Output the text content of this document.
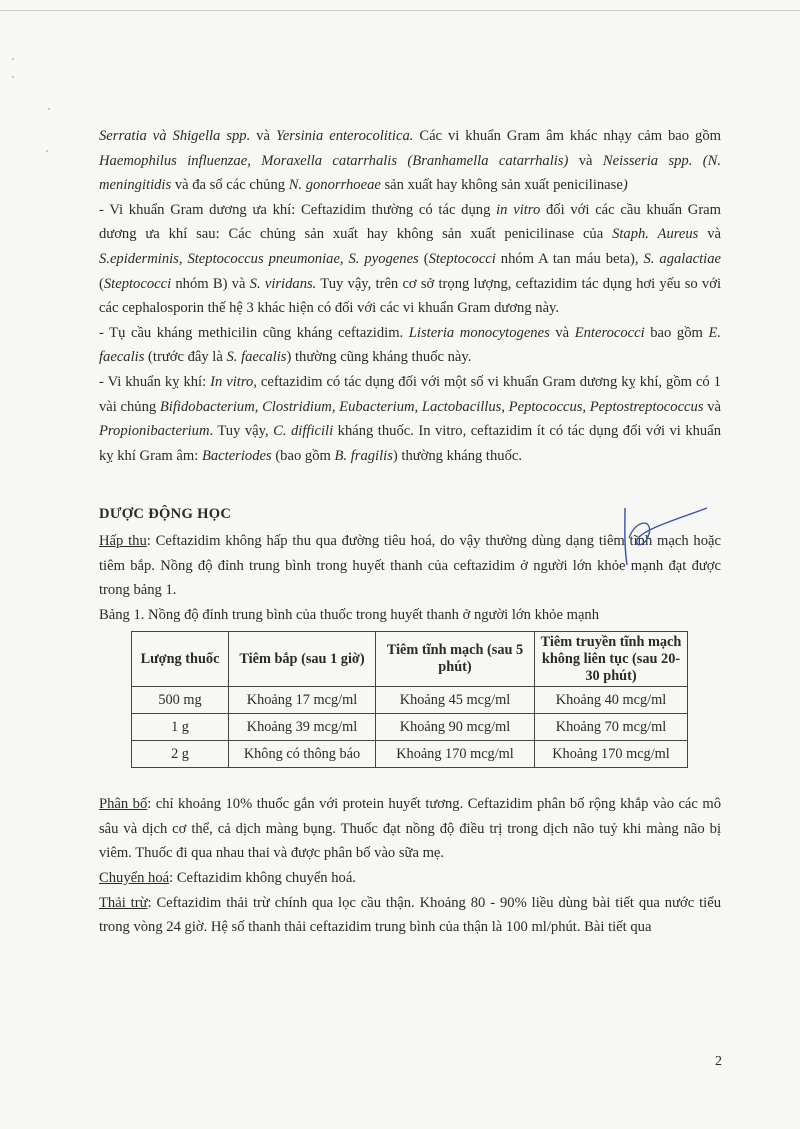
Serratia và Shigella spp. và Yersinia enterocolitica. Các vi khuẩn Gram âm khác nhạy cảm bao gồm Haemophilus influenzae, Moraxella catarrhalis (Branhamella catarrhalis) và Neisseria spp. (N. meningitidis và đa số các chủng N. gonorrhoeae sản xuất hay không sản xuất penicilinase)

- Vi khuẩn Gram dương ưa khí: Ceftazidim thường có tác dụng in vitro đối với các cầu khuẩn Gram dương ưa khí sau: Các chủng sản xuất hay không sản xuất penicilinase của Staph. Aureus và S.epiderminis, Steptococcus pneumoniae, S. pyogenes (Steptococci nhóm A tan máu beta), S. agalactiae (Steptococci nhóm B) và S. viridans. Tuy vậy, trên cơ sở trọng lượng, ceftazidim tác dụng hơi yếu so với các cephalosporin thế hệ 3 khác hiện có đối với các vi khuẩn Gram dương này.

- Tụ cầu kháng methicilin cũng kháng ceftazidim. Listeria monocytogenes và Enterococci bao gồm E. faecalis (trước đây là S. faecalis) thường cũng kháng thuốc này.

- Vi khuẩn kỵ khí: In vitro, ceftazidim có tác dụng đối với một số vi khuẩn Gram dương kỵ khí, gồm có 1 vài chủng Bifidobacterium, Clostridium, Eubacterium, Lactobacillus, Peptococcus, Peptostreptococcus và Propionibacterium. Tuy vậy, C. difficili kháng thuốc. In vitro, ceftazidim ít có tác dụng đối với vi khuẩn kỵ khí Gram âm: Bacteriodes (bao gồm B. fragilis) thường kháng thuốc.

DƯỢC ĐỘNG HỌC

Hấp thu: Ceftazidim không hấp thu qua đường tiêu hoá, do vậy thường dùng dạng tiêm tĩnh mạch hoặc tiêm bắp. Nồng độ đỉnh trung bình trong huyết thanh của ceftazidim ở người lớn khỏe mạnh đạt được trong bảng 1.

Bảng 1. Nồng độ đỉnh trung bình của thuốc trong huyết thanh ở người lớn khỏe mạnh

Lượng thuốc	Tiêm bắp (sau 1 giờ)	Tiêm tĩnh mạch (sau 5 phút)	Tiêm truyền tĩnh mạch không liên tục (sau 20-30 phút)
500 mg	Khoảng 17 mcg/ml	Khoảng 45 mcg/ml	Khoảng 40 mcg/ml
1 g	Khoảng 39 mcg/ml	Khoảng 90 mcg/ml	Khoảng 70 mcg/ml
2 g	Không có thông báo	Khoảng 170 mcg/ml	Khoảng 170 mcg/ml

Phân bố: chỉ khoảng 10% thuốc gắn với protein huyết tương. Ceftazidim phân bố rộng khắp vào các mô sâu và dịch cơ thể, cả dịch màng bụng. Thuốc đạt nồng độ điều trị trong dịch não tuỷ khi màng não bị viêm. Thuốc đi qua nhau thai và được phân bố vào sữa mẹ.

Chuyển hoá: Ceftazidim không chuyển hoá.

Thải trừ: Ceftazidim thải trừ chính qua lọc cầu thận. Khoảng 80 - 90% liều dùng bài tiết qua nước tiểu trong vòng 24 giờ. Hệ số thanh thải ceftazidim trung bình của thận là 100 ml/phút. Bài tiết qua

2
